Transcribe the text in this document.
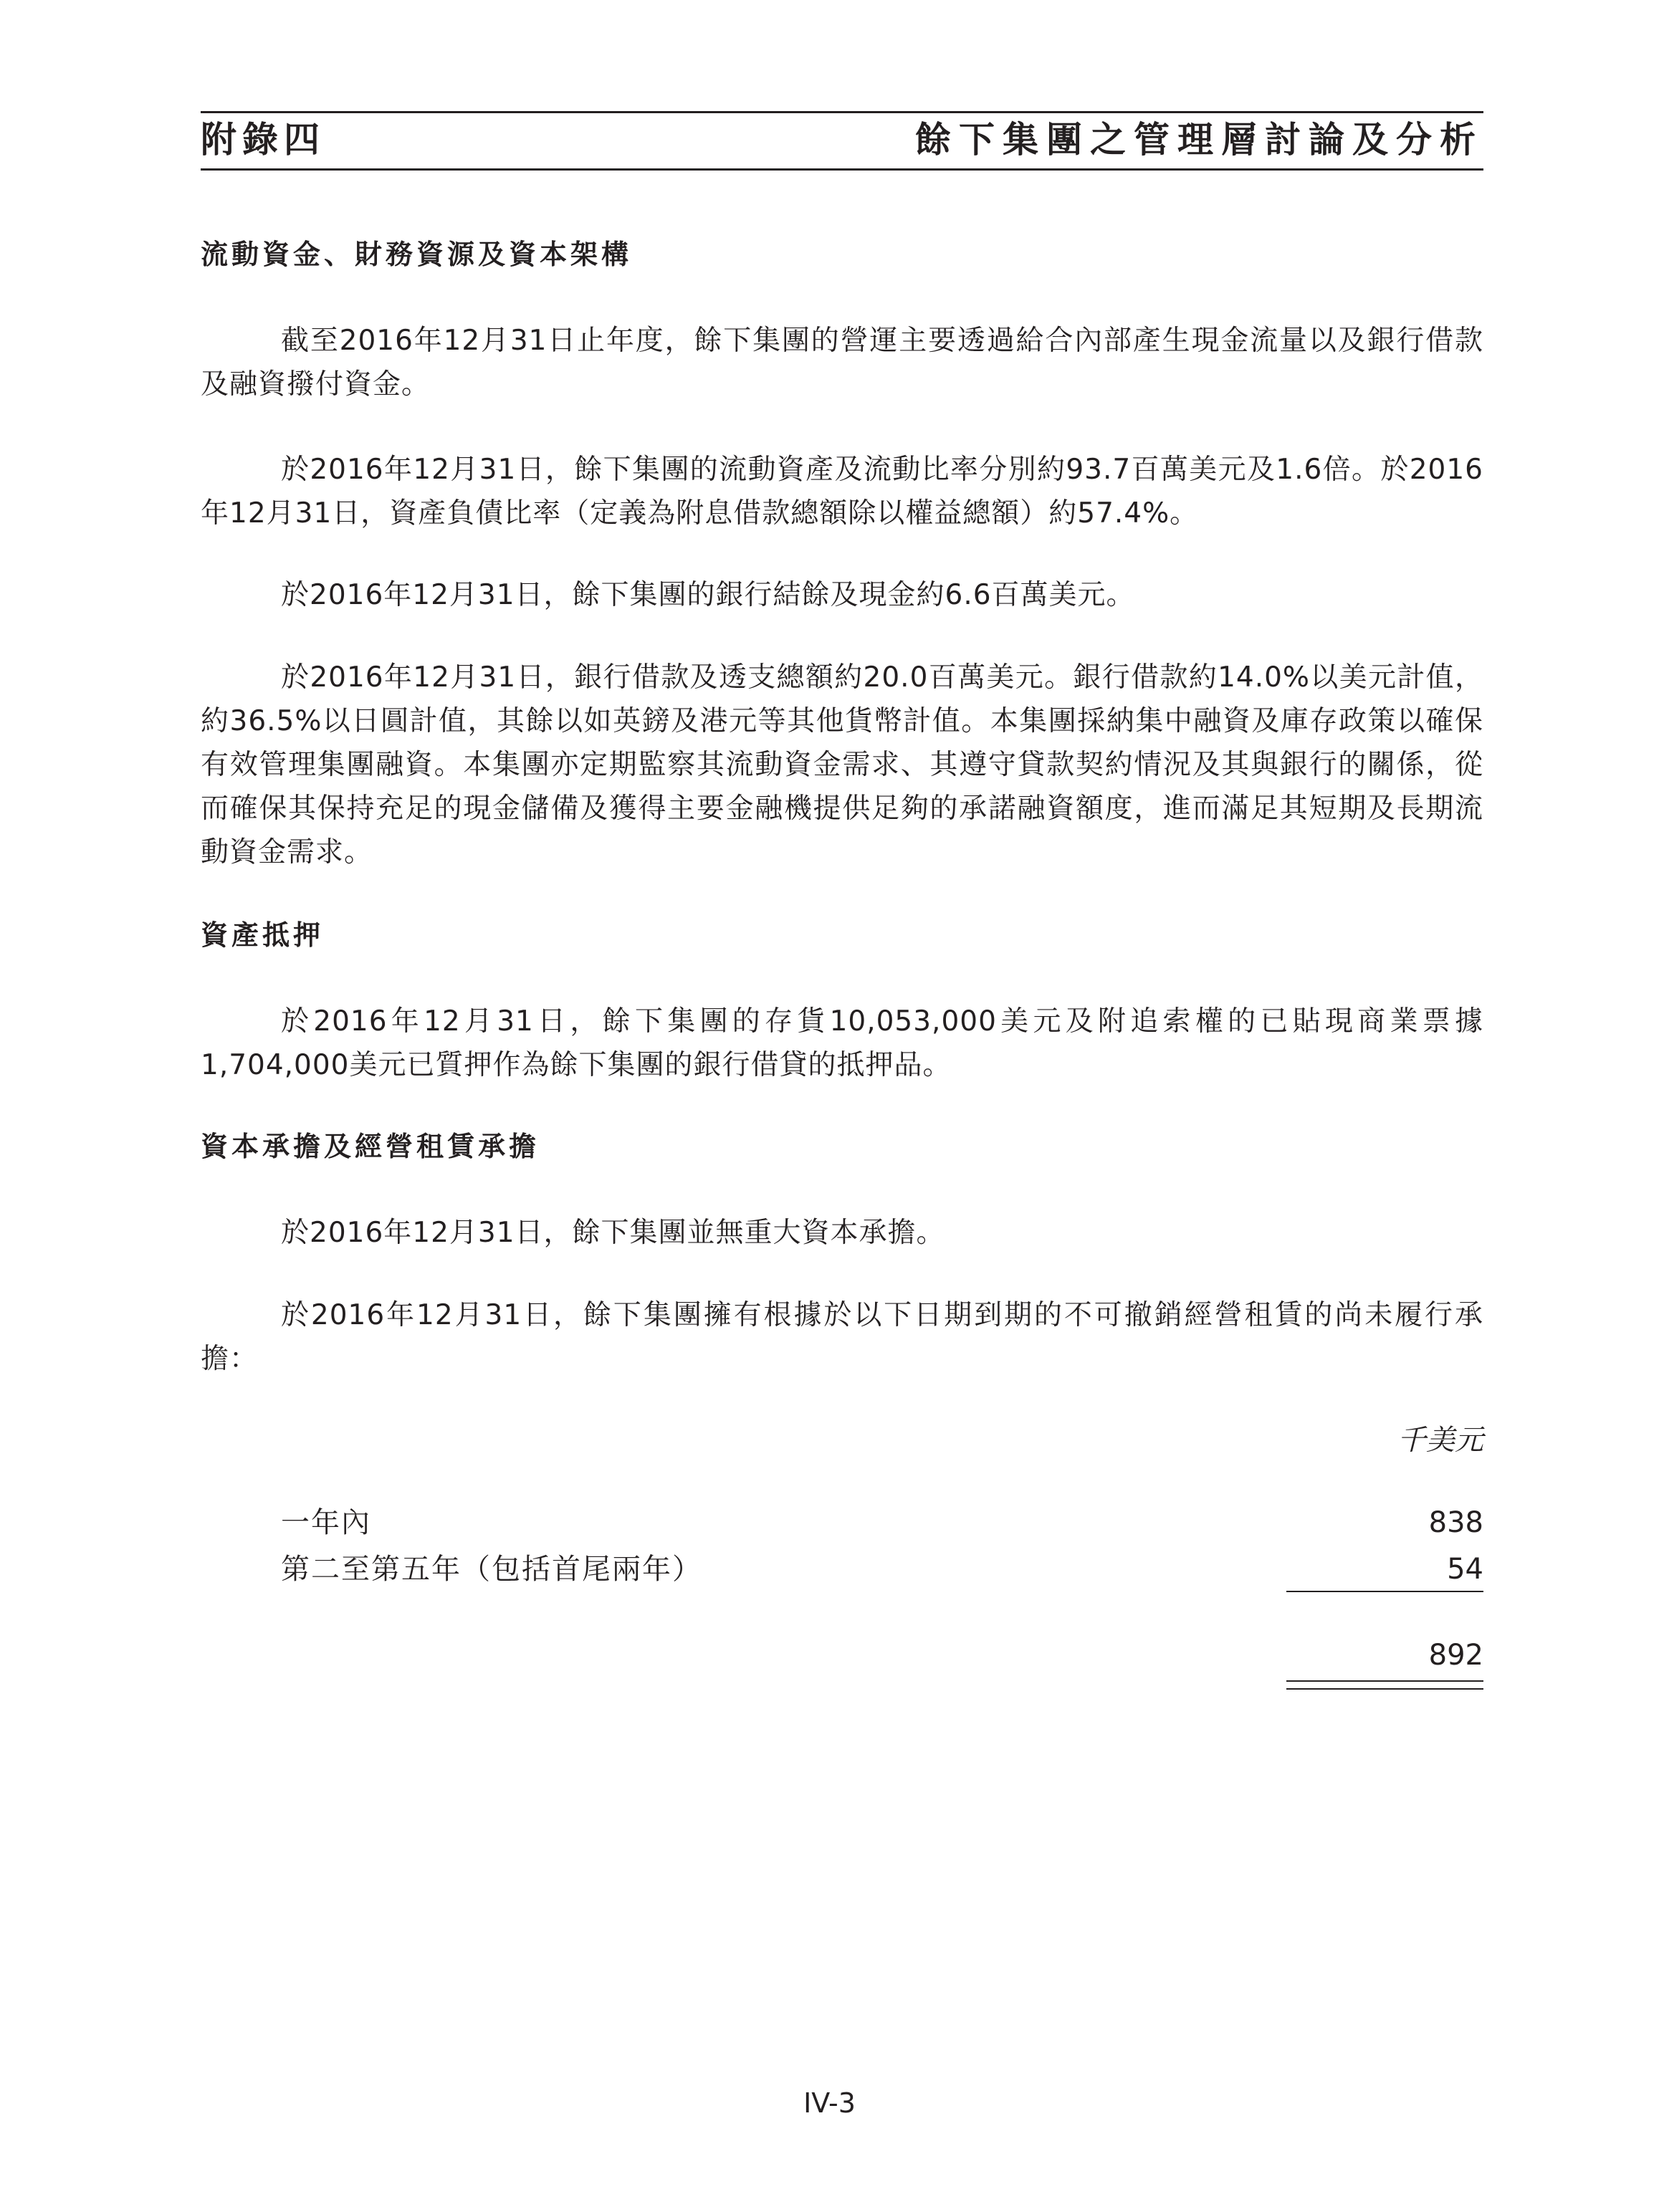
附錄四	餘下集團之管理層討論及分析
流動資金、財務資源及資本架構

截至2016年12月31日止年度，餘下集團的營運主要透過給合內部產生現金流量以及銀行借款及融資撥付資金。

於2016年12月31日，餘下集團的流動資產及流動比率分別約93.7百萬美元及1.6倍。於2016年12月31日，資產負債比率（定義為附息借款總額除以權益總額）約57.4%。

於2016年12月31日，餘下集團的銀行結餘及現金約6.6百萬美元。

於2016年12月31日，銀行借款及透支總額約20.0百萬美元。銀行借款約14.0%以美元計值，約36.5%以日圓計值，其餘以如英鎊及港元等其他貨幣計值。本集團採納集中融資及庫存政策以確保有效管理集團融資。本集團亦定期監察其流動資金需求、其遵守貸款契約情況及其與銀行的關係，從而確保其保持充足的現金儲備及獲得主要金融機提供足夠的承諾融資額度，進而滿足其短期及長期流動資金需求。

資產抵押

於2016年12月31日，餘下集團的存貨10,053,000美元及附追索權的已貼現商業票據1,704,000美元已質押作為餘下集團的銀行借貸的抵押品。

資本承擔及經營租賃承擔

於2016年12月31日，餘下集團並無重大資本承擔。

於2016年12月31日，餘下集團擁有根據於以下日期到期的不可撤銷經營租賃的尚未履行承擔：

千美元
一年內	838
第二至第五年（包括首尾兩年）	54
892
IV-3
